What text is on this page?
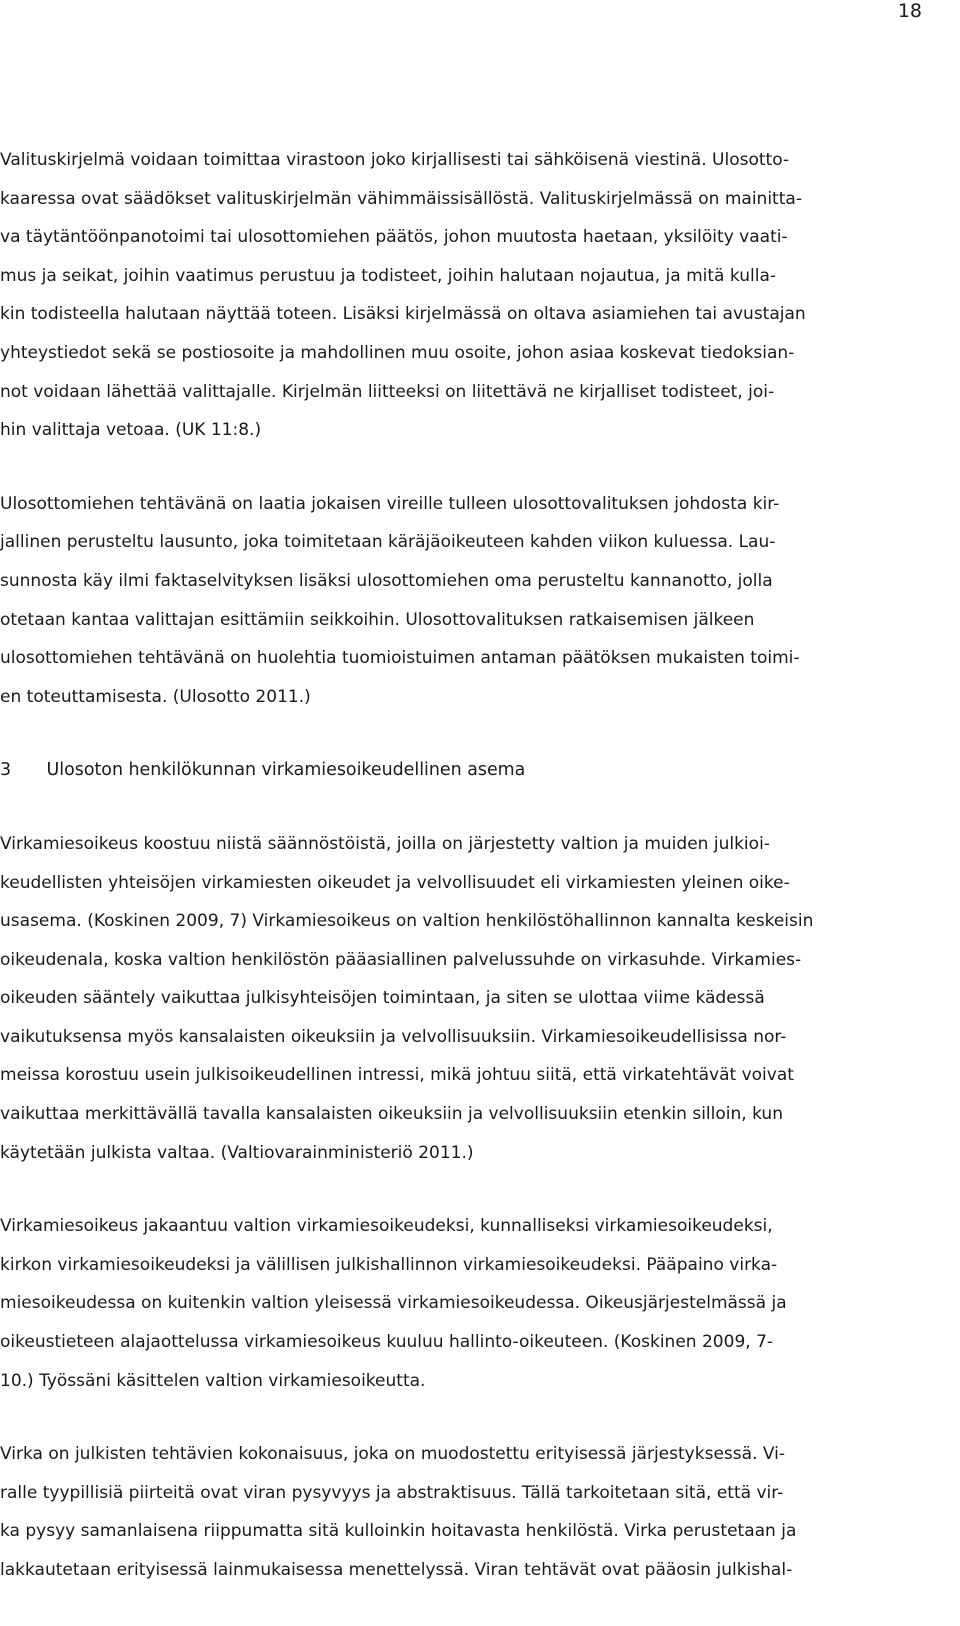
18
Valituskirjelmä voidaan toimittaa virastoon joko kirjallisesti tai sähköisenä viestinä. Ulosotto-
kaaressa ovat säädökset valituskirjelmän vähimmäissisällöstä. Valituskirjelmässä on mainitta-
va täytäntöönpanotoimi tai ulosottomiehen päätös, johon muutosta haetaan, yksilöity vaati-
mus ja seikat, joihin vaatimus perustuu ja todisteet, joihin halutaan nojautua, ja mitä kulla-
kin todisteella halutaan näyttää toteen. Lisäksi kirjelmässä on oltava asiamiehen tai avustajan
yhteystiedot sekä se postiosoite ja mahdollinen muu osoite, johon asiaa koskevat tiedoksian-
not voidaan lähettää valittajalle. Kirjelmän liitteeksi on liitettävä ne kirjalliset todisteet, joi-
hin valittaja vetoaa. (UK 11:8.)
Ulosottomiehen tehtävänä on laatia jokaisen vireille tulleen ulosottovalituksen johdosta kir-
jallinen perusteltu lausunto, joka toimitetaan käräjäoikeuteen kahden viikon kuluessa. Lau-
sunnosta käy ilmi faktaselvityksen lisäksi ulosottomiehen oma perusteltu kannanotto, jolla
otetaan kantaa valittajan esittämiin seikkoihin. Ulosottovalituksen ratkaisemisen jälkeen
ulosottomiehen tehtävänä on huolehtia tuomioistuimen antaman päätöksen mukaisten toimi-
en toteuttamisesta. (Ulosotto 2011.)
3 Ulosoton henkilökunnan virkamiesoikeudellinen asema
Virkamiesoikeus koostuu niistä säännöstöistä, joilla on järjestetty valtion ja muiden julkioi-
keudellisten yhteisöjen virkamiesten oikeudet ja velvollisuudet eli virkamiesten yleinen oike-
usasema. (Koskinen 2009, 7) Virkamiesoikeus on valtion henkilöstöhallinnon kannalta keskeisin
oikeudenala, koska valtion henkilöstön pääasiallinen palvelussuhde on virkasuhde. Virkamies-
oikeuden sääntely vaikuttaa julkisyhteisöjen toimintaan, ja siten se ulottaa viime kädessä
vaikutuksensa myös kansalaisten oikeuksiin ja velvollisuuksiin. Virkamiesoikeudellisissa nor-
meissa korostuu usein julkisoikeudellinen intressi, mikä johtuu siitä, että virkatehtävät voivat
vaikuttaa merkittävällä tavalla kansalaisten oikeuksiin ja velvollisuuksiin etenkin silloin, kun
käytetään julkista valtaa. (Valtiovarainministeriö 2011.)
Virkamiesoikeus jakaantuu valtion virkamiesoikeudeksi, kunnalliseksi virkamiesoikeudeksi,
kirkon virkamiesoikeudeksi ja välillisen julkishallinnon virkamiesoikeudeksi. Pääpaino virka-
miesoikeudessa on kuitenkin valtion yleisessä virkamiesoikeudessa. Oikeusjärjestelmässä ja
oikeustieteen alajaottelussa virkamiesoikeus kuuluu hallinto-oikeuteen. (Koskinen 2009, 7-
10.) Työssäni käsittelen valtion virkamiesoikeutta.
Virka on julkisten tehtävien kokonaisuus, joka on muodostettu erityisessä järjestyksessä. Vi-
ralle tyypillisiä piirteitä ovat viran pysyvyys ja abstraktisuus. Tällä tarkoitetaan sitä, että vir-
ka pysyy samanlaisena riippumatta sitä kulloinkin hoitavasta henkilöstä. Virka perustetaan ja
lakkautetaan erityisessä lainmukaisessa menettelyssä. Viran tehtävät ovat pääosin julkishal-
